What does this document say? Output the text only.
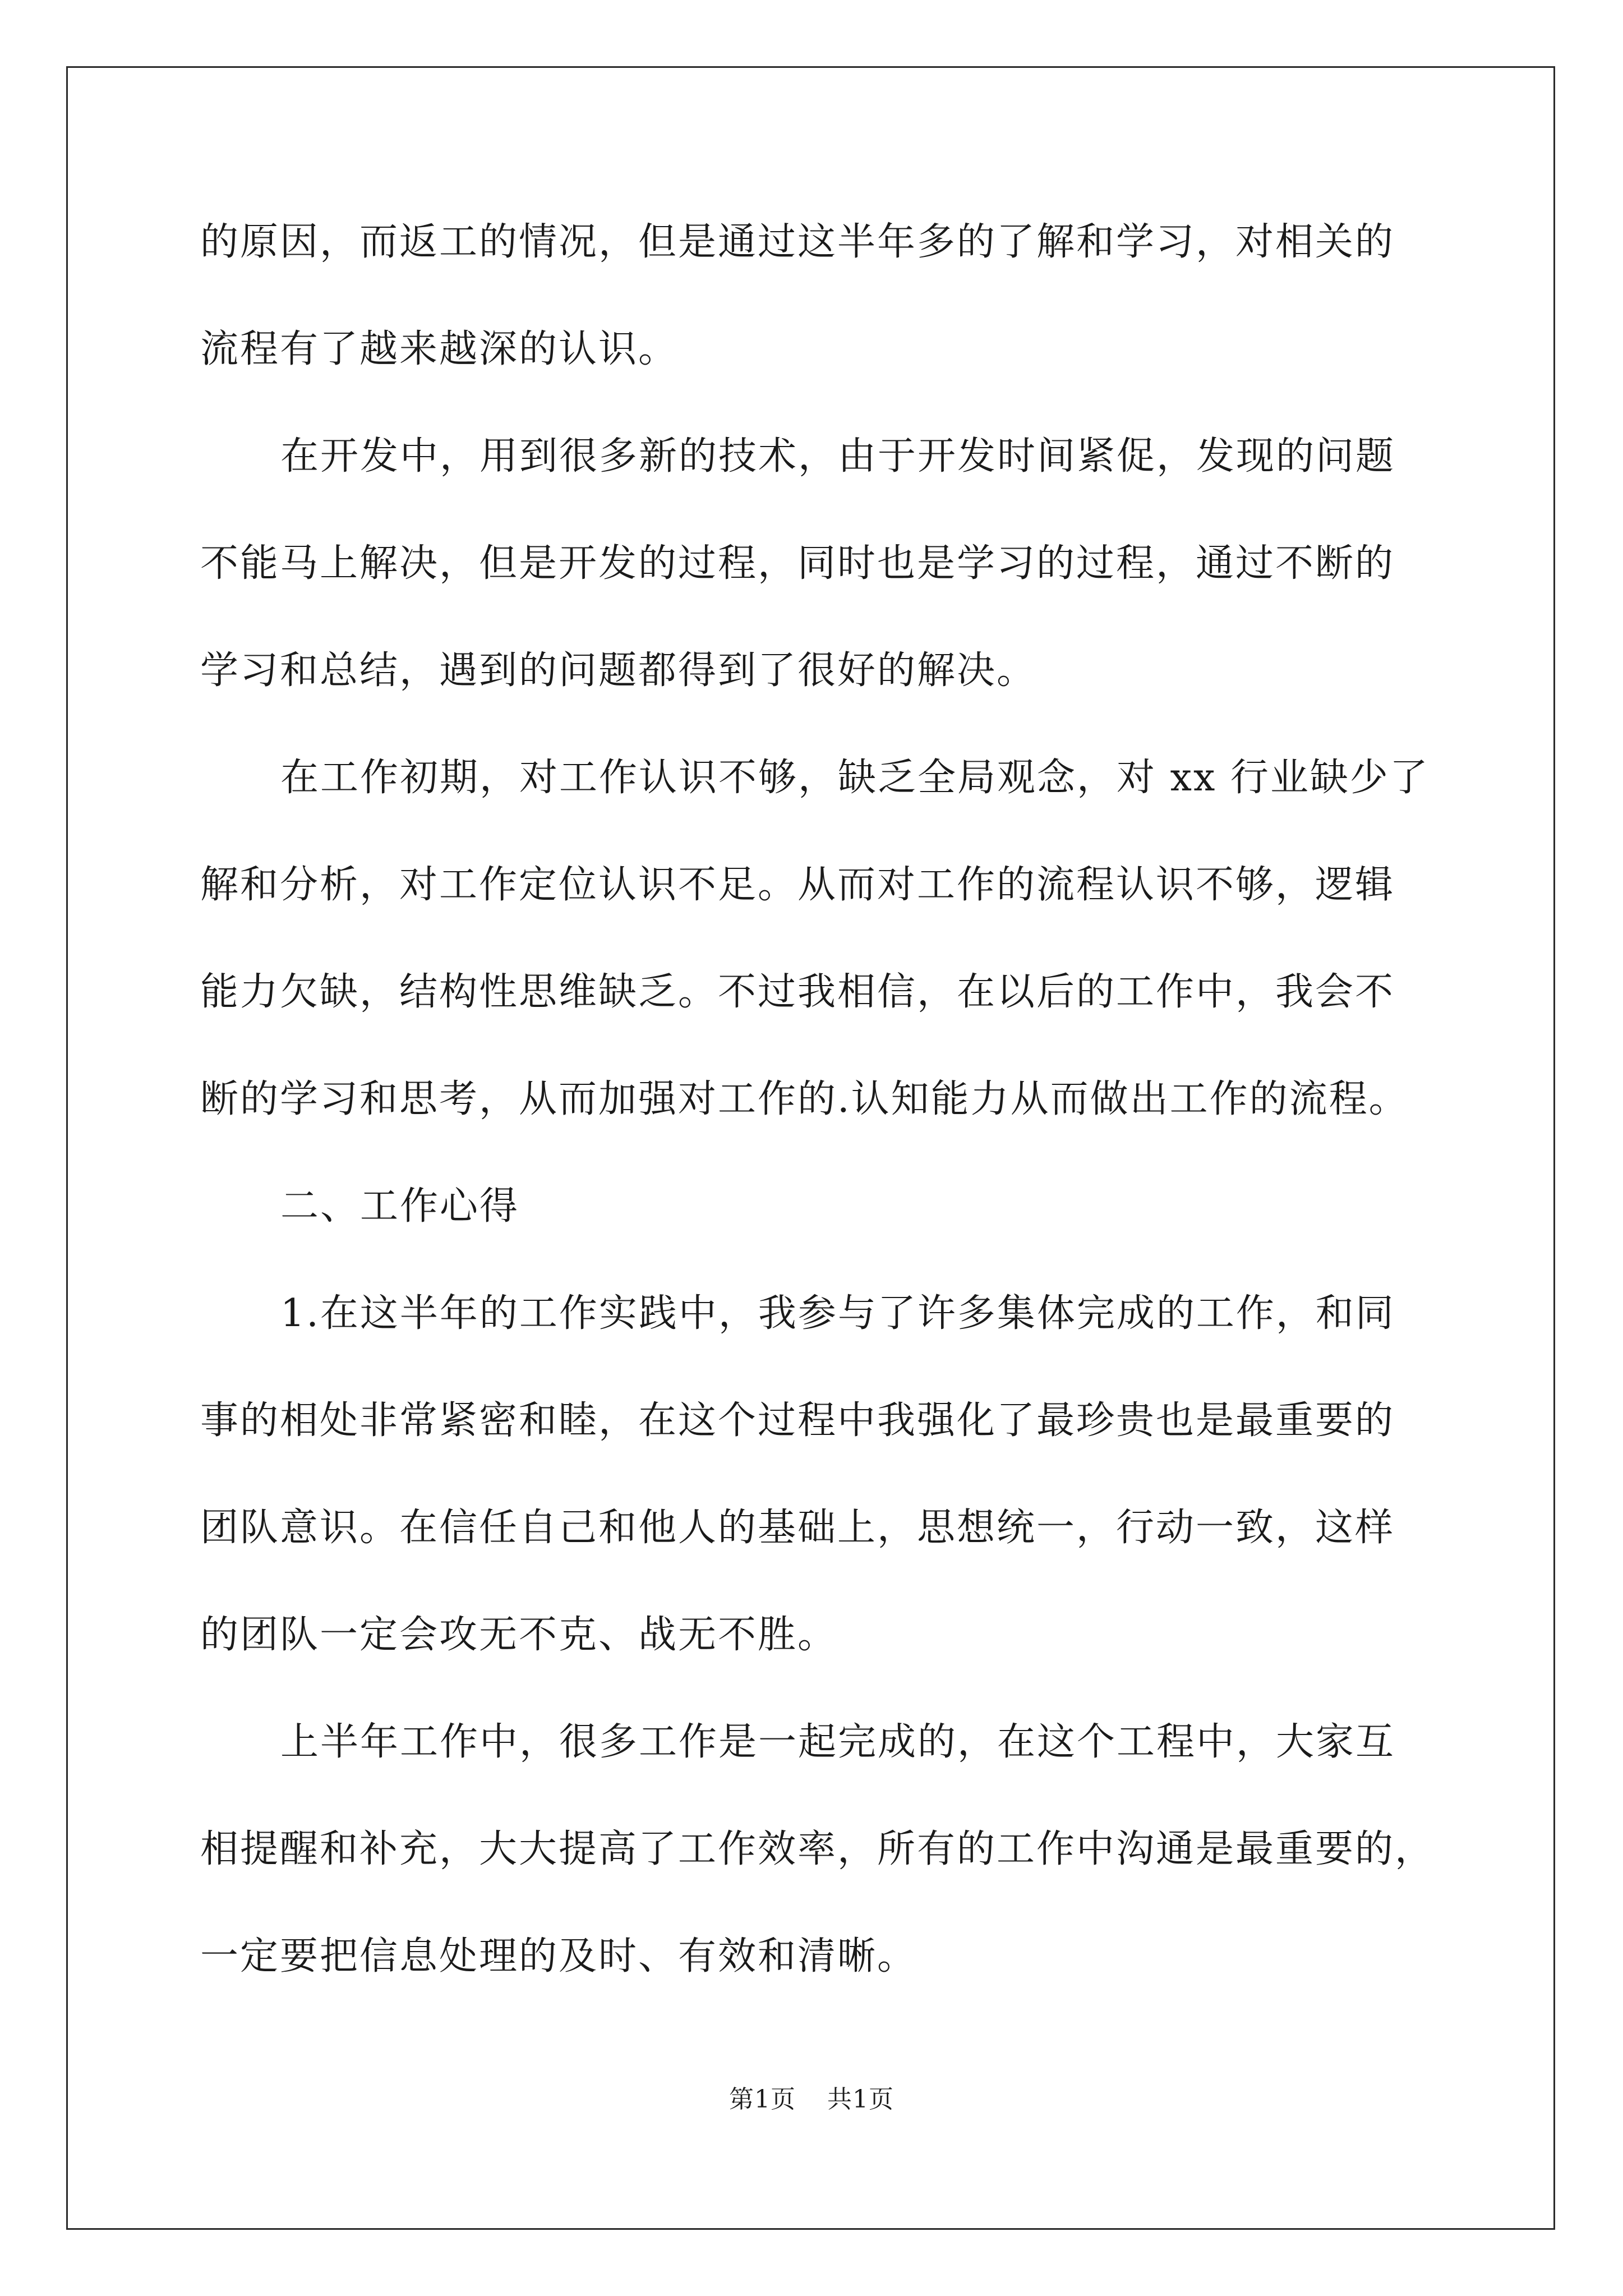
的原因，而返工的情况，但是通过这半年多的了解和学习，对相关的
流程有了越来越深的认识。
在开发中，用到很多新的技术，由于开发时间紧促，发现的问题
不能马上解决，但是开发的过程，同时也是学习的过程，通过不断的
学习和总结，遇到的问题都得到了很好的解决。
在工作初期，对工作认识不够，缺乏全局观念，对 xx 行业缺少了
解和分析，对工作定位认识不足。从而对工作的流程认识不够，逻辑
能力欠缺，结构性思维缺乏。不过我相信，在以后的工作中，我会不
断的学习和思考，从而加强对工作的.认知能力从而做出工作的流程。
二、工作心得
1.在这半年的工作实践中，我参与了许多集体完成的工作，和同
事的相处非常紧密和睦，在这个过程中我强化了最珍贵也是最重要的
团队意识。在信任自己和他人的基础上，思想统一，行动一致，这样
的团队一定会攻无不克、战无不胜。
上半年工作中，很多工作是一起完成的，在这个工程中，大家互
相提醒和补充，大大提高了工作效率，所有的工作中沟通是最重要的，
一定要把信息处理的及时、有效和清晰。
第1页 共1页
